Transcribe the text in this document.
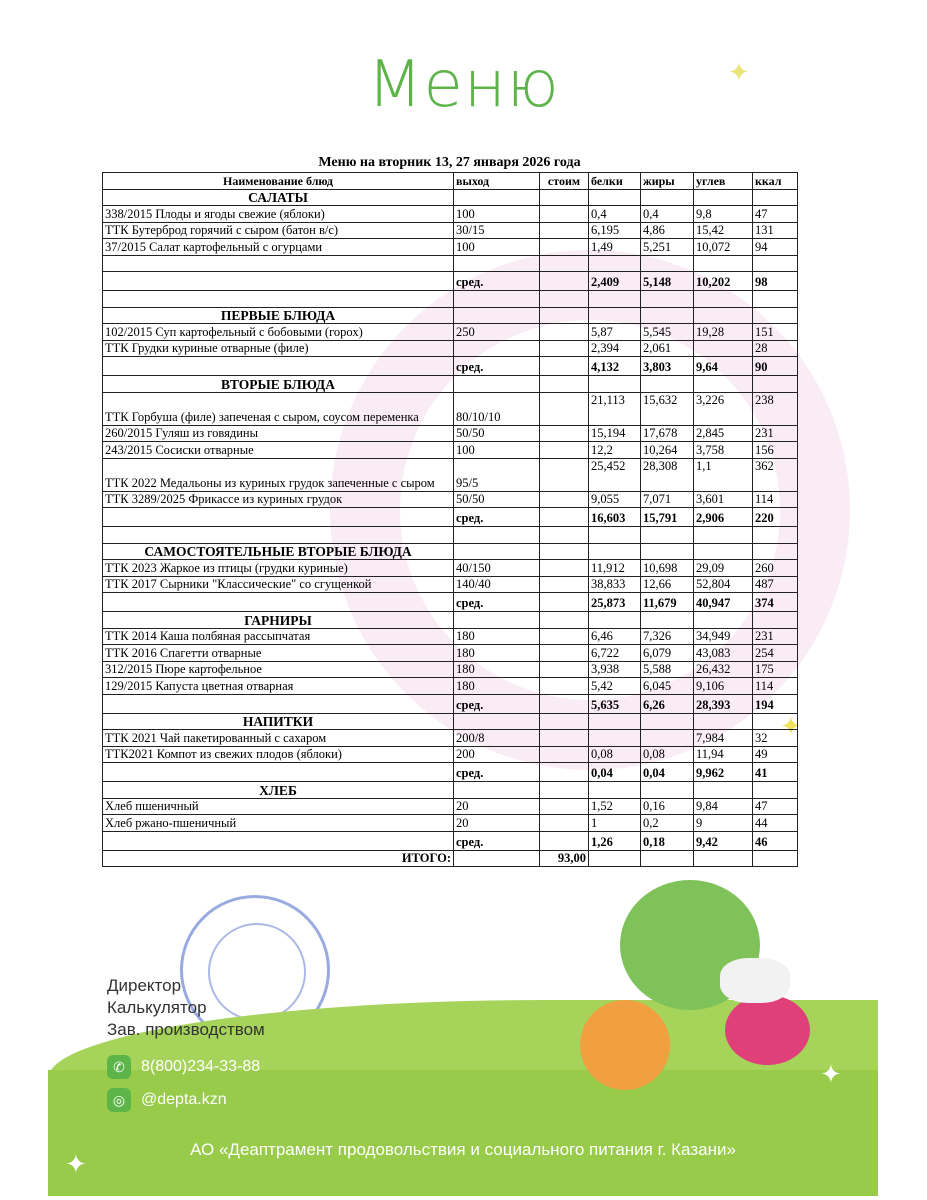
Меню	✦
✦
Меню на вторник 13, 27 января 2026 года
Наименование блюд	выход	стоим	белки	жиры	углев	ккал
САЛАТЫ						
338/2015 Плоды и ягоды свежие (яблоки)	100		0,4	0,4	9,8	47
ТТК Бутерброд горячий с сыром (батон в/с)	30/15		6,195	4,86	15,42	131
37/2015 Салат картофельный с огурцами	100		1,49	5,251	10,072	94

	сред.		2,409	5,148	10,202	98

ПЕРВЫЕ БЛЮДА						
102/2015 Суп картофельный с бобовыми (горох)	250		5,87	5,545	19,28	151
ТТК Грудки куриные отварные (филе)			2,394	2,061		28
	сред.		4,132	3,803	9,64	90
ВТОРЫЕ БЛЮДА						
ТТК Горбуша (филе) запеченая с сыром, соусом переменка	80/10/10		21,113	15,632	3,226	238
260/2015 Гуляш из говядины	50/50		15,194	17,678	2,845	231
243/2015 Сосиски отварные	100		12,2	10,264	3,758	156
ТТК 2022 Медальоны из куриных грудок запеченные с сыром	95/5		25,452	28,308	1,1	362
ТТК 3289/2025 Фрикассе из куриных грудок	50/50		9,055	7,071	3,601	114
	сред.		16,603	15,791	2,906	220

САМОСТОЯТЕЛЬНЫЕ ВТОРЫЕ БЛЮДА						
ТТК 2023 Жаркое из птицы (грудки куриные)	40/150		11,912	10,698	29,09	260
ТТК 2017 Сырники "Классические" со сгущенкой	140/40		38,833	12,66	52,804	487
	сред.		25,873	11,679	40,947	374
ГАРНИРЫ						
ТТК 2014 Каша полбяная рассыпчатая	180		6,46	7,326	34,949	231
ТТК 2016 Спагетти отварные	180		6,722	6,079	43,083	254
312/2015 Пюре картофельное	180		3,938	5,588	26,432	175
129/2015 Капуста цветная отварная	180		5,42	6,045	9,106	114
	сред.		5,635	6,26	28,393	194
НАПИТКИ						
ТТК 2021 Чай пакетированный с сахаром	200/8				7,984	32
ТТК2021 Компот из свежих плодов (яблоки)	200		0,08	0,08	11,94	49
	сред.		0,04	0,04	9,962	41
ХЛЕБ						
Хлеб пшеничный	20		1,52	0,16	9,84	47
Хлеб ржано-пшеничный	20		1	0,2	9	44
	сред.		1,26	0,18	9,42	46
ИТОГО:		93,00				
Директор
Калькулятор
Зав. производством
✆	8(800)234-33-88
◎ @depta.kzn
✦
✦
АО «Деаптрамент продовольствия и социального питания г. Казани»
